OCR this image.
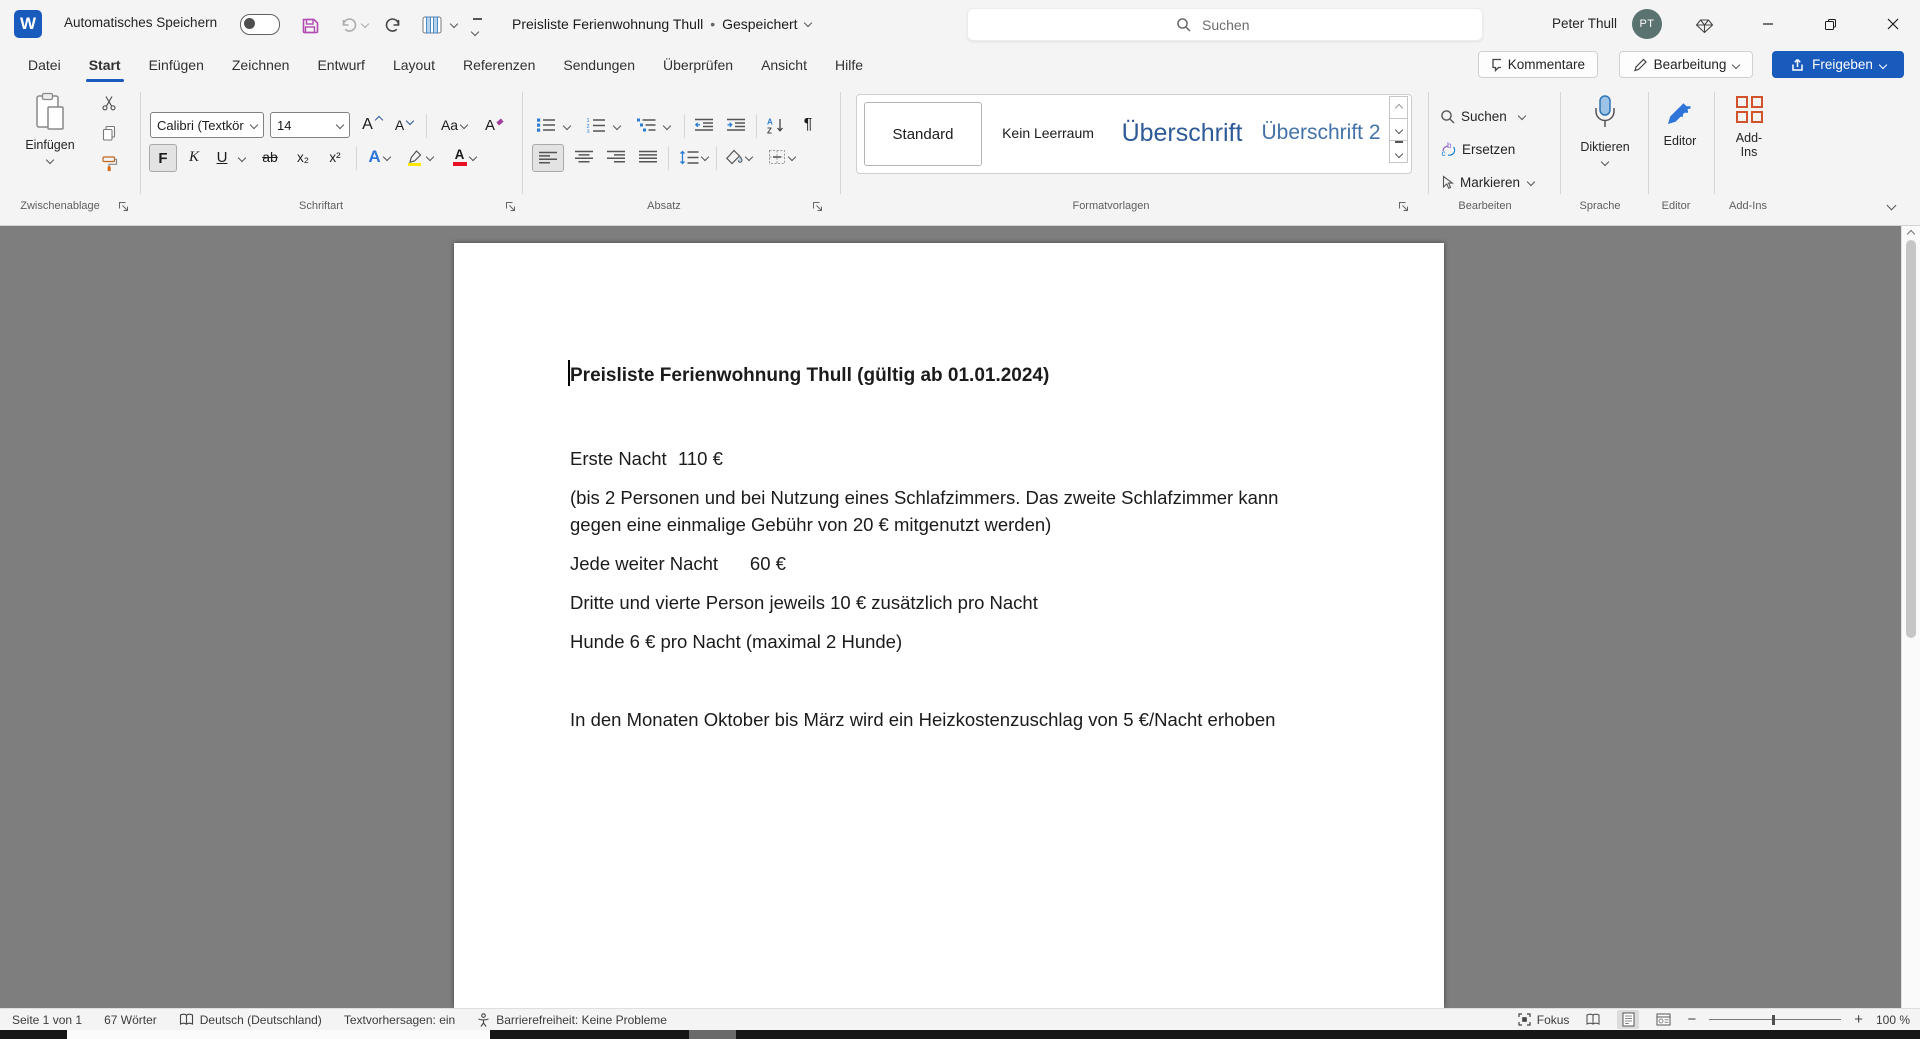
W	Automatisches Speichern	Preisliste Ferienwohnung Thull • Gespeichert
Suchen	Peter Thull	PT
Datei	Start	Einfügen	Zeichnen	Entwurf	Layout	Referenzen	Sendungen	Überprüfen	Ansicht	Hilfe	Kommentare	Bearbeitung	Freigeben
Einfügen
Calibri (Textkör	14	A A	Aa A
F K U ab x₂ x² A	A
1
2
3
A
Z ¶
Standard	Kein Leerraum Überschrift Überschrift 2
Suchen
b
c Ersetzen
Markieren
Diktieren	Editor	Add-Ins
Zwischenablage	Schriftart	Absatz	Formatvorlagen	Bearbeiten	Sprache	Editor	Add-Ins

Preisliste Ferienwohnung Thull (gültig ab 01.01.2024)

Erste Nacht	110 €

(bis 2 Personen und bei Nutzung eines Schlafzimmers. Das zweite Schlafzimmer kann gegen eine einmalige Gebühr von 20 € mitgenutzt werden)

Jede weiter Nacht	60 €

Dritte und vierte Person jeweils 10 € zusätzlich pro Nacht

Hunde 6 € pro Nacht (maximal 2 Hunde)

In den Monaten Oktober bis März wird ein Heizkostenzuschlag von 5 €/Nacht erhoben

Seite 1 von 1 67 Wörter	Deutsch (Deutschland) Textvorhersagen: ein	Barrierefreiheit: Keine Probleme	Fokus	−	+ 100 %
